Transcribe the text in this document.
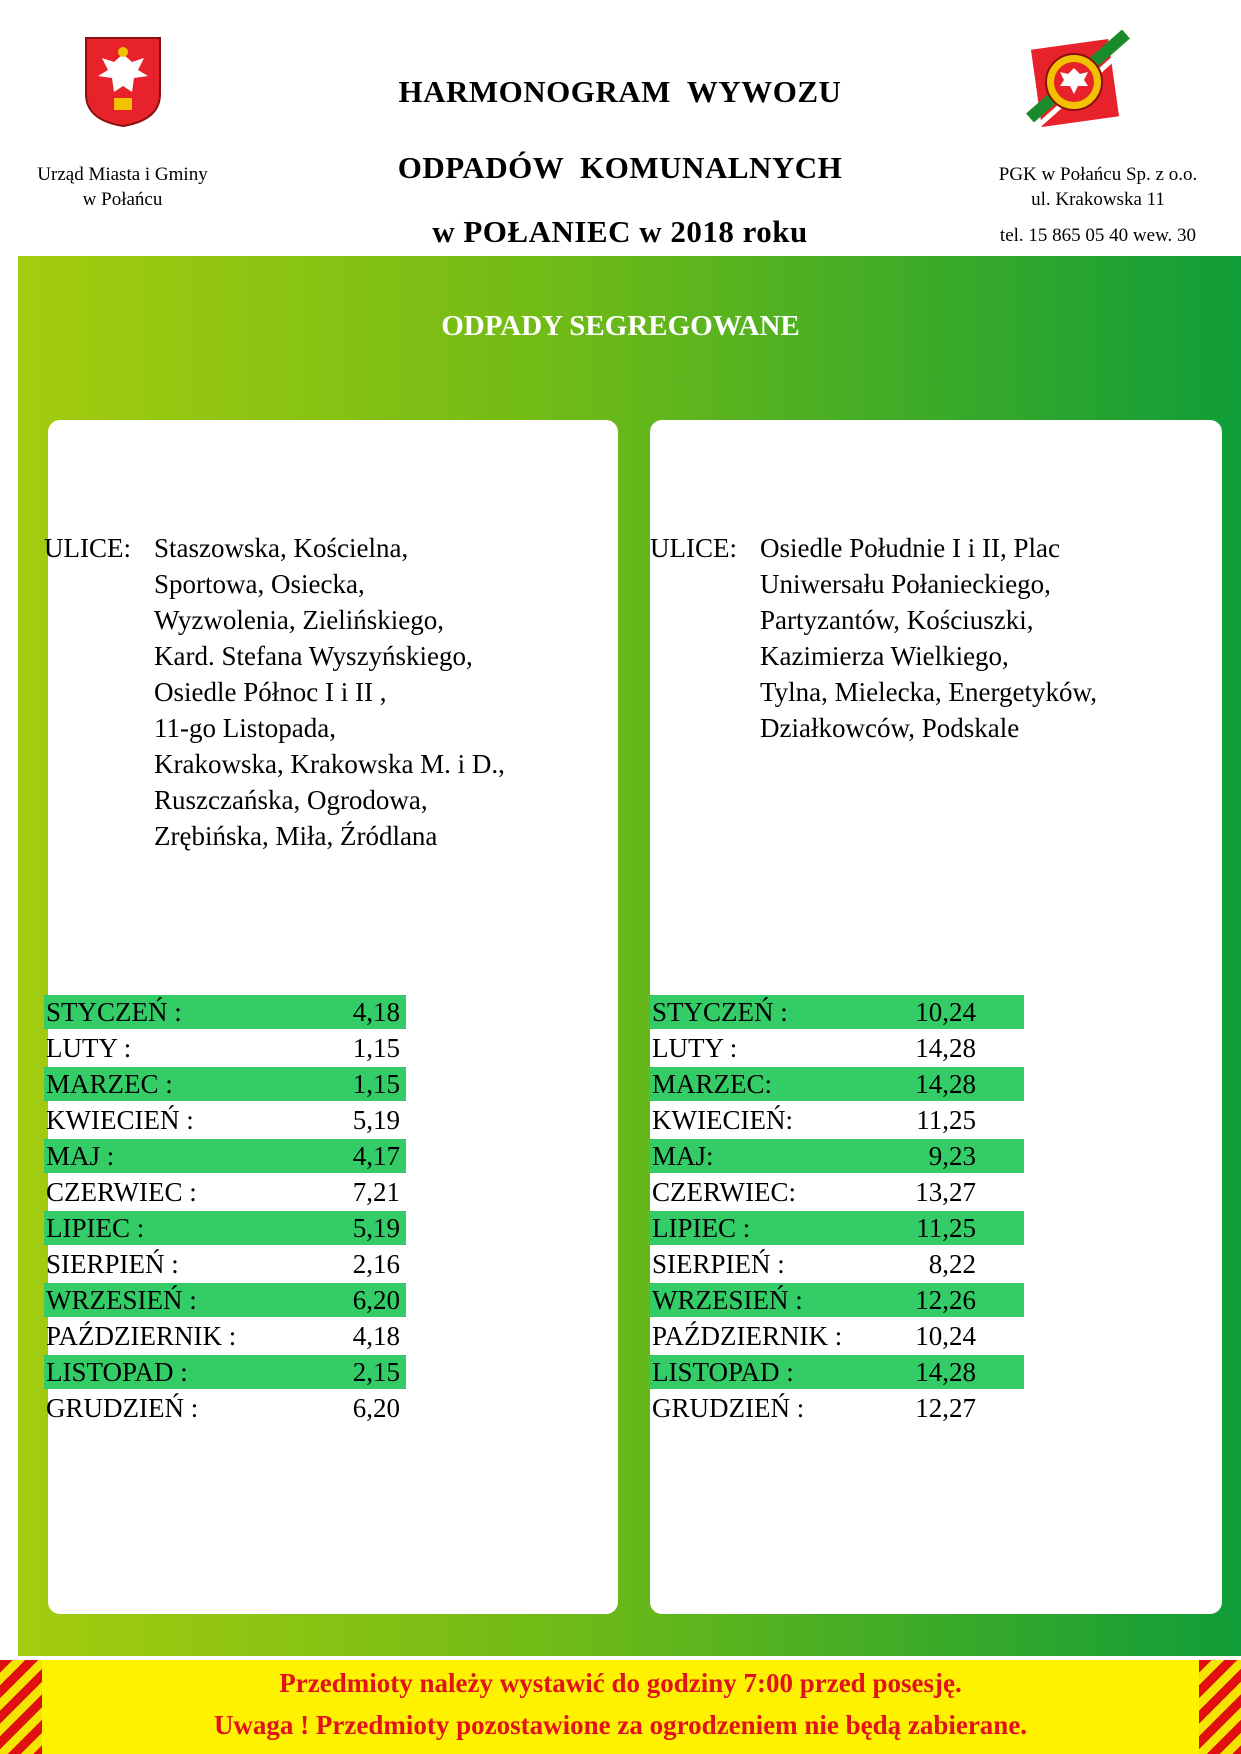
Urząd Miasta i Gminy
w Połańcu
PGK w Połańcu Sp. z o.o.
ul. Krakowska 11
tel. 15 865 05 40 wew. 30
HARMONOGRAM  WYWOZU
ODPADÓW  KOMUNALNYCH
w POŁANIEC w 2018 roku
ODPADY SEGREGOWANE
ULICE: Staszowska, Kościelna,
Sportowa, Osiecka,
Wyzwolenia, Zielińskiego,
Kard. Stefana Wyszyńskiego,
Osiedle Północ I i II ,
11-go Listopada,
Krakowska, Krakowska M. i D.,
Ruszczańska, Ogrodowa,
Zrębińska, Miła, Źródlana
ULICE: Osiedle Południe I i II, Plac
Uniwersału Połanieckiego,
Partyzantów, Kościuszki,
Kazimierza Wielkiego,
Tylna, Mielecka, Energetyków,
Działkowców, Podskale
STYCZEŃ :	4,18
LUTY :	1,15
MARZEC :	1,15
KWIECIEŃ :	5,19
MAJ :	4,17
CZERWIEC :	7,21
LIPIEC :	5,19
SIERPIEŃ :	2,16
WRZESIEŃ :	6,20
PAŹDZIERNIK :	4,18
LISTOPAD :	2,15
GRUDZIEŃ :	6,20
STYCZEŃ :	10,24
LUTY :	14,28
MARZEC:	14,28
KWIECIEŃ:	11,25
MAJ:	9,23
CZERWIEC:	13,27
LIPIEC :	11,25
SIERPIEŃ :	8,22
WRZESIEŃ :	12,26
PAŹDZIERNIK :	10,24
LISTOPAD :	14,28
GRUDZIEŃ :	12,27
Przedmioty należy wystawić do godziny 7:00 przed posesję.
Uwaga ! Przedmioty pozostawione za ogrodzeniem nie będą zabierane.
